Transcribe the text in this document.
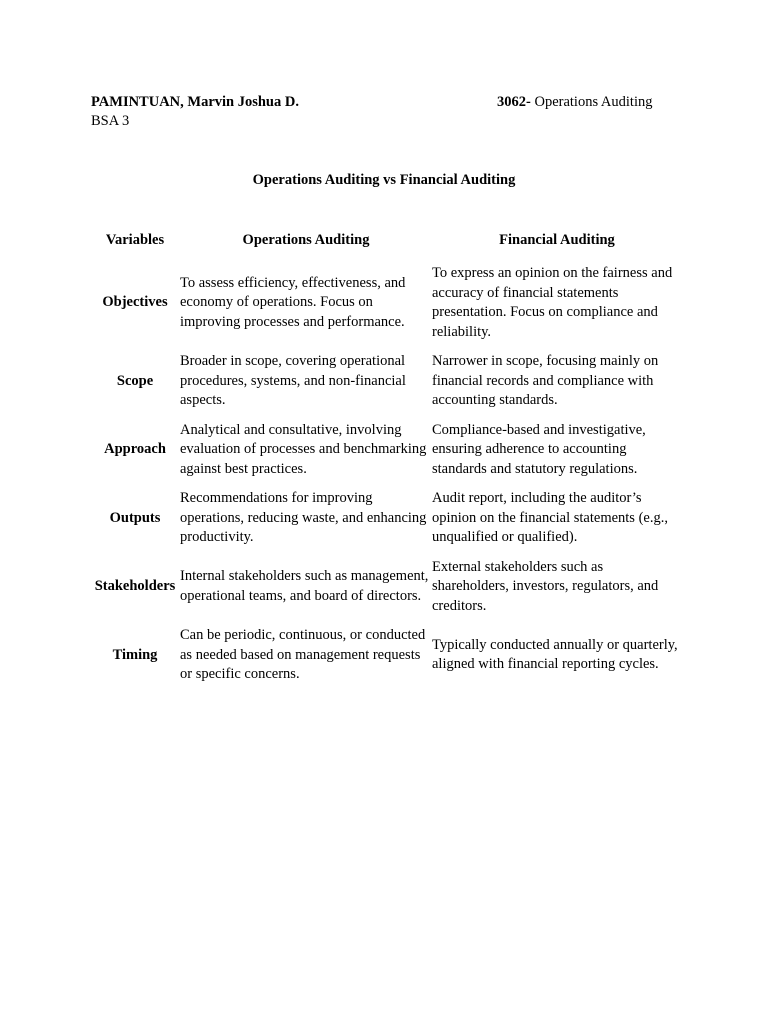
PAMINTUAN, Marvin Joshua D.
BSA 3
3062- Operations Auditing
Operations Auditing vs Financial Auditing
Variables	Operations Auditing	Financial Auditing
Objectives	To assess efficiency, effectiveness, and economy of operations. Focus on improving processes and performance.	To express an opinion on the fairness and accuracy of financial statements presentation. Focus on compliance and reliability.
Scope	Broader in scope, covering operational procedures, systems, and non-financial aspects.	Narrower in scope, focusing mainly on financial records and compliance with accounting standards.
Approach	Analytical and consultative, involving evaluation of processes and benchmarking against best practices.	Compliance-based and investigative, ensuring adherence to accounting standards and statutory regulations.
Outputs	Recommendations for improving operations, reducing waste, and enhancing productivity.	Audit report, including the auditor’s opinion on the financial statements (e.g., unqualified or qualified).
Stakeholders	Internal stakeholders such as management, operational teams, and board of directors.	External stakeholders such as shareholders, investors, regulators, and creditors.
Timing	Can be periodic, continuous, or conducted as needed based on management requests or specific concerns.	Typically conducted annually or quarterly, aligned with financial reporting cycles.
